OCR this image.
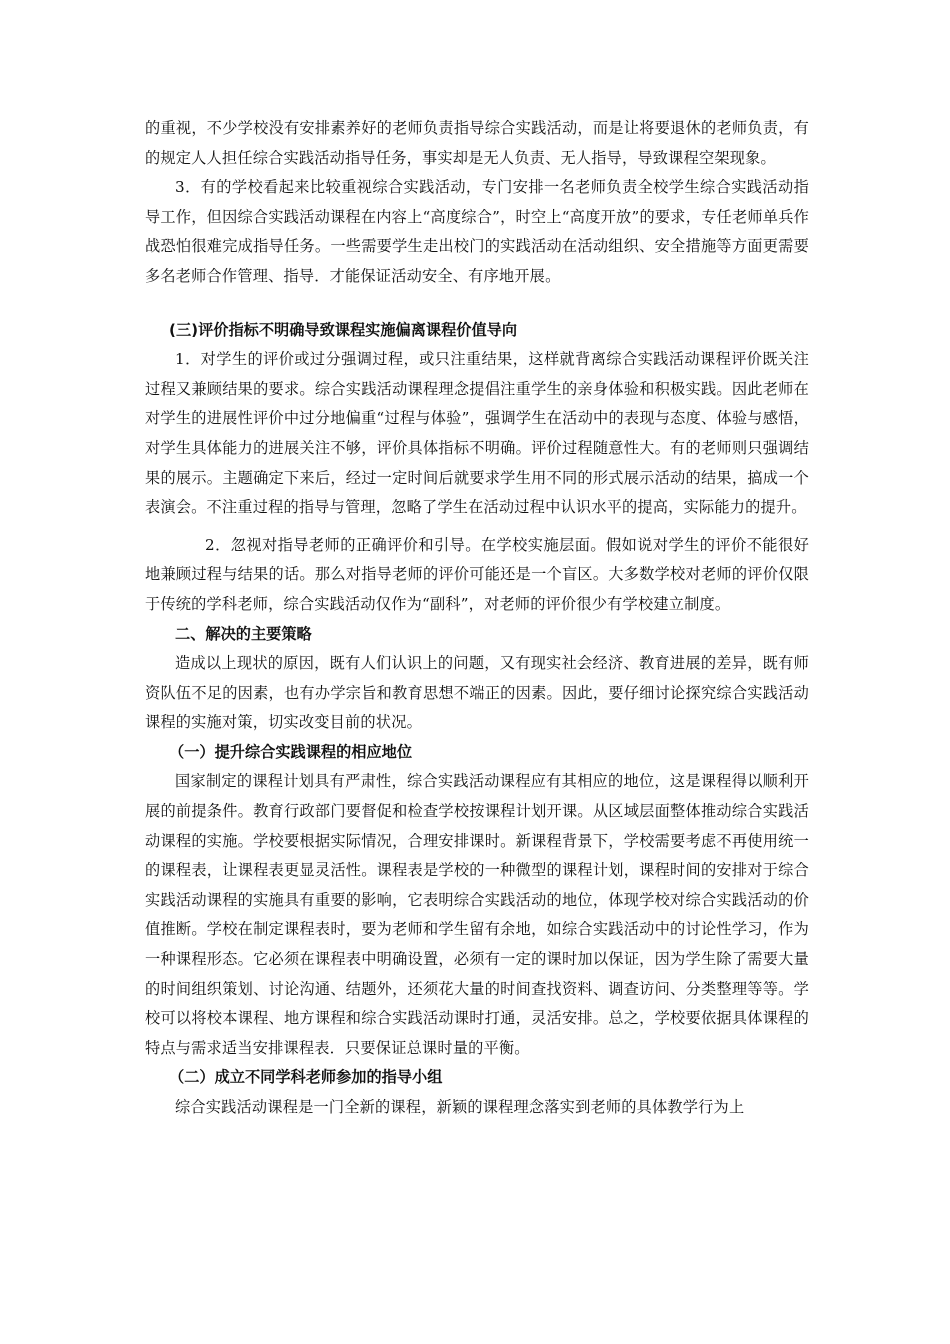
的重视，不少学校没有安排素养好的老师负责指导综合实践活动，而是让将要退休的老师负责，有的规定人人担任综合实践活动指导任务，事实却是无人负责、无人指导，导致课程空架现象。

3．有的学校看起来比较重视综合实践活动，专门安排一名老师负责全校学生综合实践活动指导工作，但因综合实践活动课程在内容上“高度综合”，时空上“高度开放”的要求，专任老师单兵作战恐怕很难完成指导任务。一些需要学生走出校门的实践活动在活动组织、安全措施等方面更需要多名老师合作管理、指导．才能保证活动安全、有序地开展。

(三)评价指标不明确导致课程实施偏离课程价值导向

1．对学生的评价或过分强调过程，或只注重结果，这样就背离综合实践活动课程评价既关注过程又兼顾结果的要求。综合实践活动课程理念提倡注重学生的亲身体验和积极实践。因此老师在对学生的进展性评价中过分地偏重“过程与体验”，强调学生在活动中的表现与态度、体验与感悟，对学生具体能力的进展关注不够，评价具体指标不明确。评价过程随意性大。有的老师则只强调结果的展示。主题确定下来后，经过一定时间后就要求学生用不同的形式展示活动的结果，搞成一个表演会。不注重过程的指导与管理，忽略了学生在活动过程中认识水平的提高，实际能力的提升。

2．忽视对指导老师的正确评价和引导。在学校实施层面。假如说对学生的评价不能很好地兼顾过程与结果的话。那么对指导老师的评价可能还是一个盲区。大多数学校对老师的评价仅限于传统的学科老师，综合实践活动仅作为“副科”，对老师的评价很少有学校建立制度。

二、解决的主要策略

造成以上现状的原因，既有人们认识上的问题，又有现实社会经济、教育进展的差异，既有师资队伍不足的因素，也有办学宗旨和教育思想不端正的因素。因此，要仔细讨论探究综合实践活动课程的实施对策，切实改变目前的状况。

（一）提升综合实践课程的相应地位

国家制定的课程计划具有严肃性，综合实践活动课程应有其相应的地位，这是课程得以顺利开展的前提条件。教育行政部门要督促和检查学校按课程计划开课。从区域层面整体推动综合实践活动课程的实施。学校要根据实际情况，合理安排课时。新课程背景下，学校需要考虑不再使用统一的课程表，让课程表更显灵活性。课程表是学校的一种微型的课程计划，课程时间的安排对于综合实践活动课程的实施具有重要的影响，它表明综合实践活动的地位，体现学校对综合实践活动的价值推断。学校在制定课程表时，要为老师和学生留有余地，如综合实践活动中的讨论性学习，作为一种课程形态。它必须在课程表中明确设置，必须有一定的课时加以保证，因为学生除了需要大量的时间组织策划、讨论沟通、结题外，还须花大量的时间查找资料、调查访问、分类整理等等。学校可以将校本课程、地方课程和综合实践活动课时打通，灵活安排。总之，学校要依据具体课程的特点与需求适当安排课程表．只要保证总课时量的平衡。

（二）成立不同学科老师参加的指导小组

综合实践活动课程是一门全新的课程，新颖的课程理念落实到老师的具体教学行为上
